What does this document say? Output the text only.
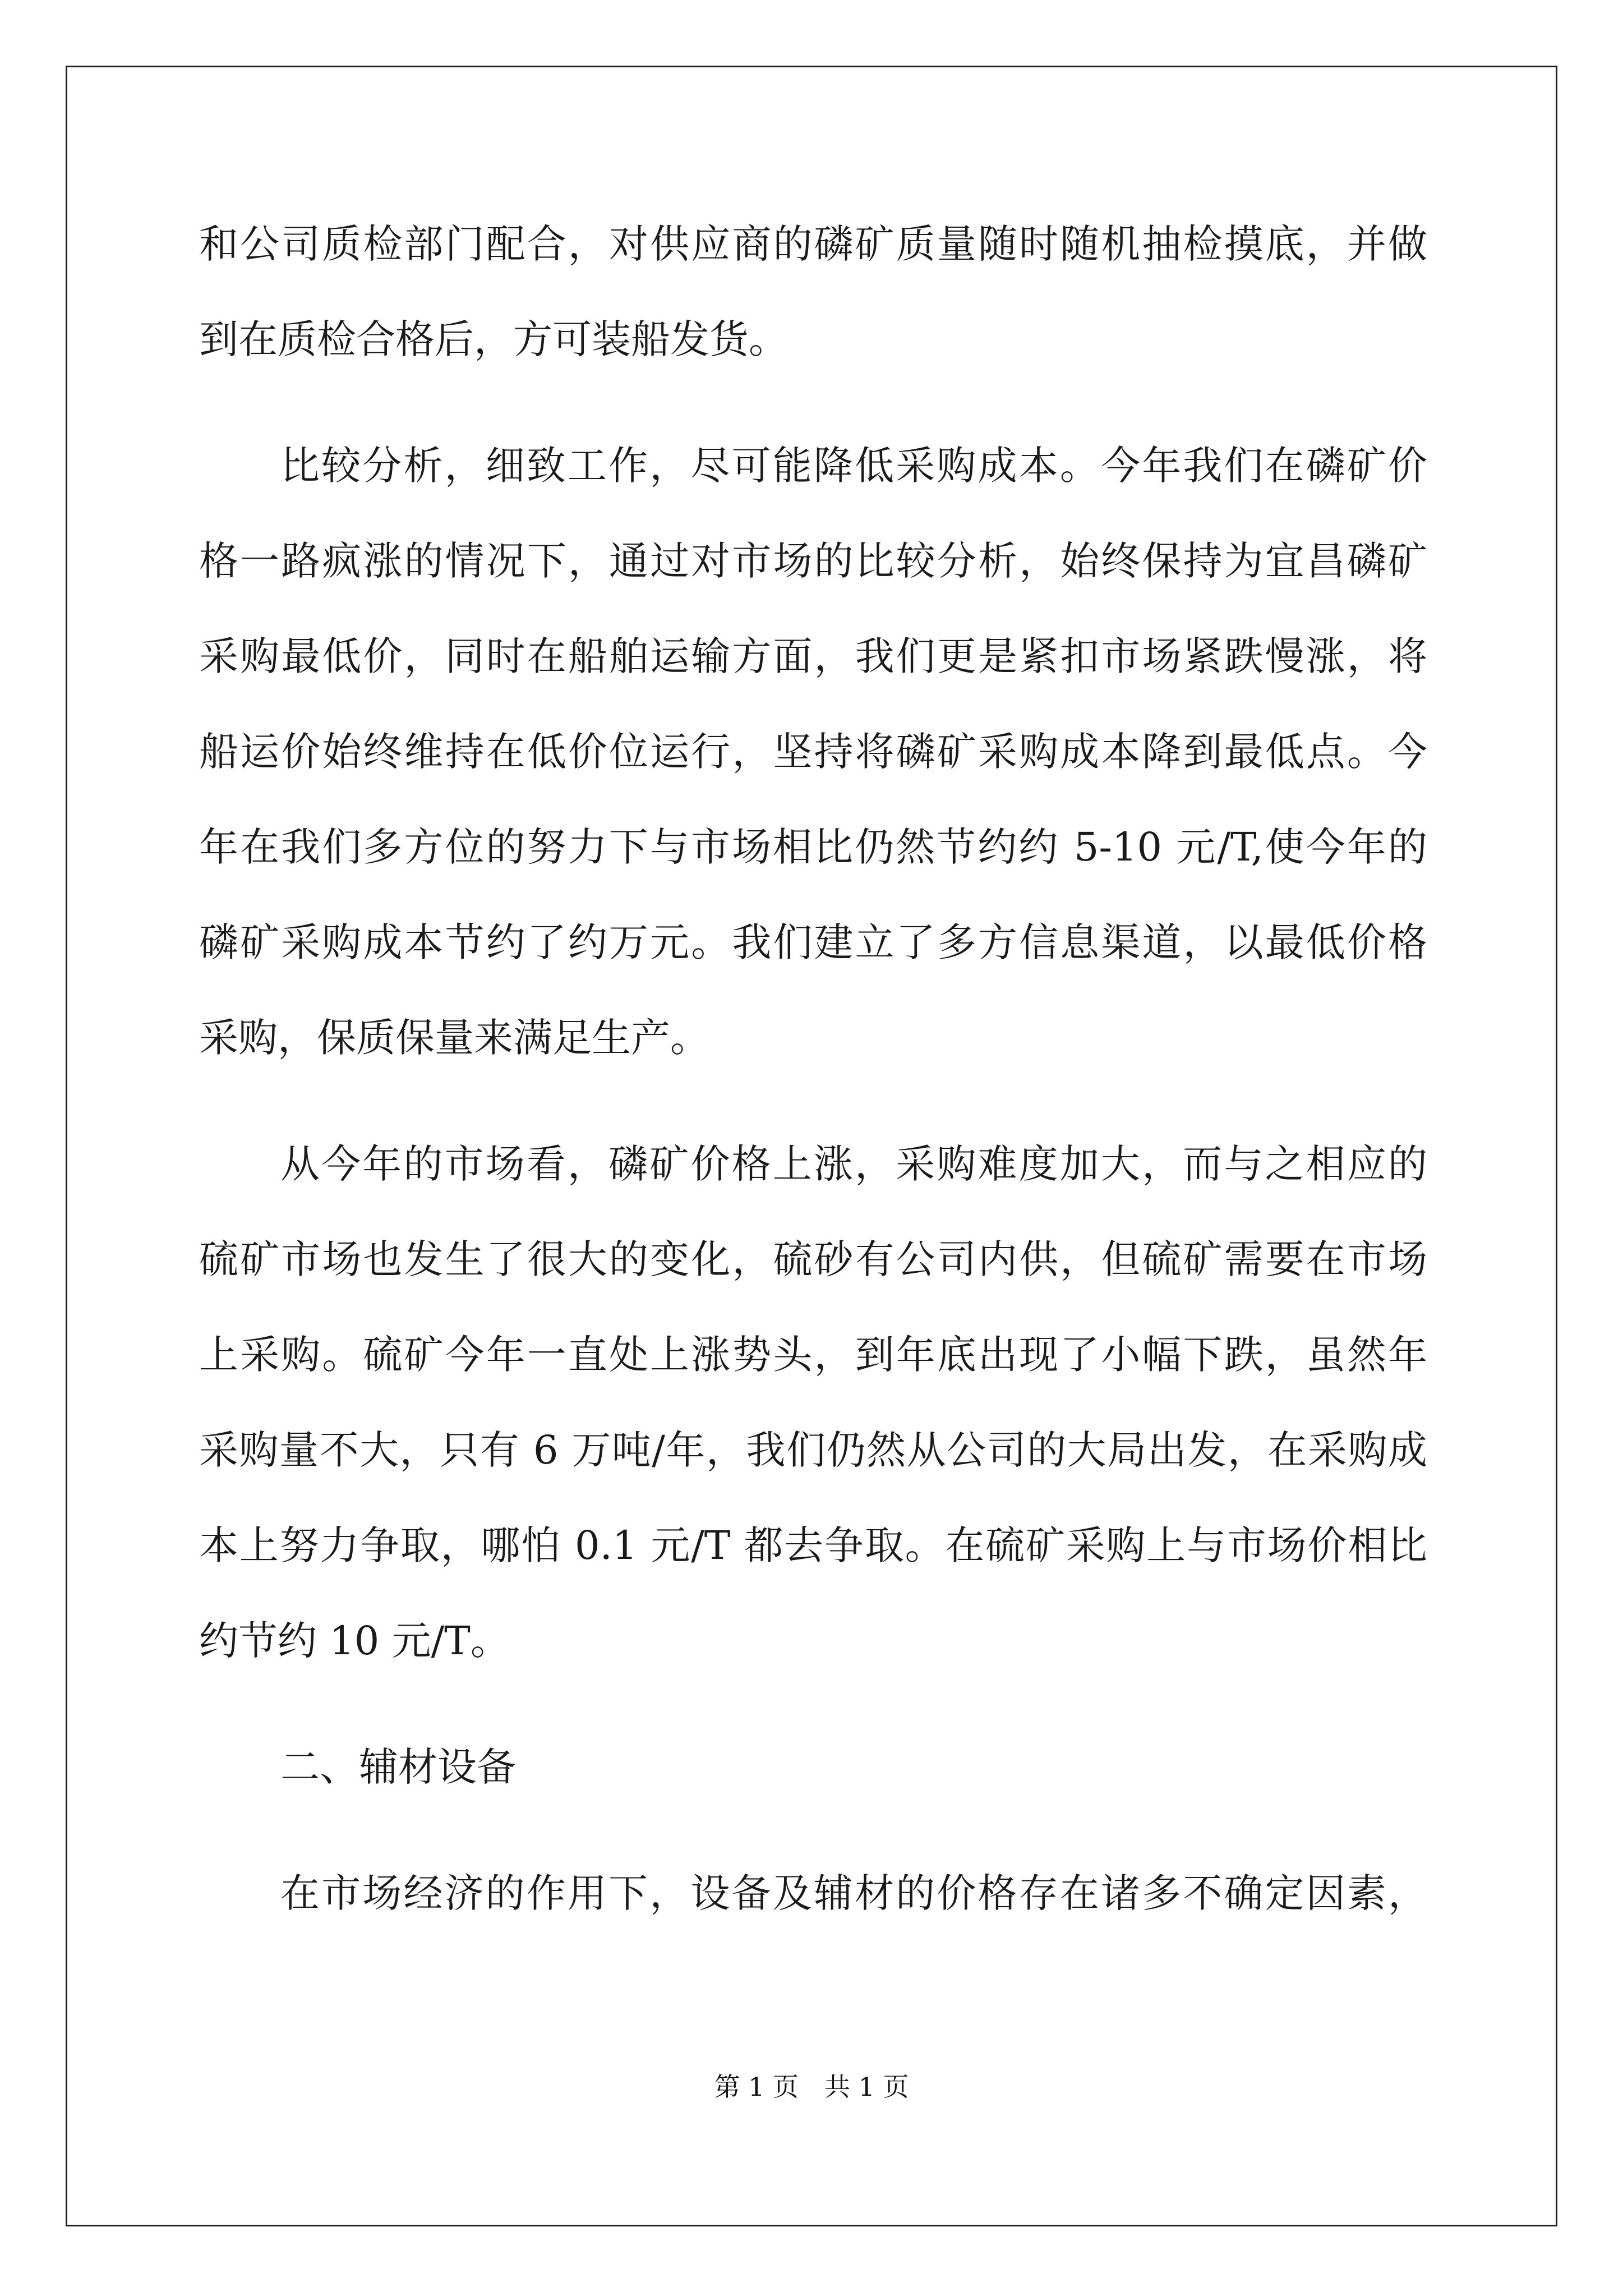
和公司质检部门配合，对供应商的磷矿质量随时随机抽检摸底，并做
到在质检合格后，方可装船发货。
比较分析，细致工作，尽可能降低采购成本。今年我们在磷矿价
格一路疯涨的情况下，通过对市场的比较分析，始终保持为宜昌磷矿
采购最低价，同时在船舶运输方面，我们更是紧扣市场紧跌慢涨，将
船运价始终维持在低价位运行，坚持将磷矿采购成本降到最低点。今
年在我们多方位的努力下与市场相比仍然节约约 5-10 元/T,使今年的
磷矿采购成本节约了约万元。我们建立了多方信息渠道，以最低价格
采购，保质保量来满足生产。
从今年的市场看，磷矿价格上涨，采购难度加大，而与之相应的
硫矿市场也发生了很大的变化，硫砂有公司内供，但硫矿需要在市场
上采购。硫矿今年一直处上涨势头，到年底出现了小幅下跌，虽然年
采购量不大，只有 6 万吨/年，我们仍然从公司的大局出发，在采购成
本上努力争取，哪怕 0.1 元/T 都去争取。在硫矿采购上与市场价相比
约节约 10 元/T。
二、辅材设备
在市场经济的作用下，设备及辅材的价格存在诸多不确定因素，
第 1 页　共 1 页
